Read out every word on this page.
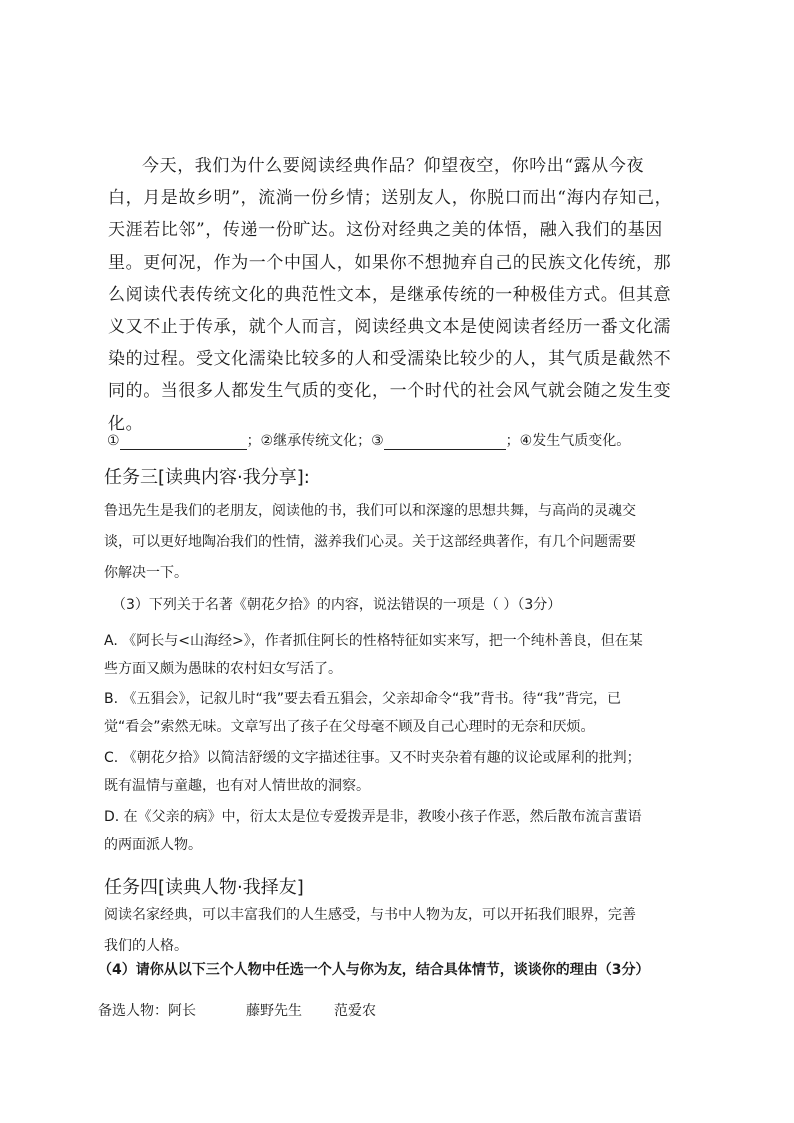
今天，我们为什么要阅读经典作品？仰望夜空，你吟出“露从今夜白，月是故乡明”，流淌一份乡情；送别友人，你脱口而出“海内存知己，天涯若比邻”，传递一份旷达。这份对经典之美的体悟，融入我们的基因里。更何况，作为一个中国人，如果你不想抛弃自己的民族文化传统，那么阅读代表传统文化的典范性文本，是继承传统的一种极佳方式。但其意义又不止于传承，就个人而言，阅读经典文本是使阅读者经历一番文化濡染的过程。受文化濡染比较多的人和受濡染比较少的人，其气质是截然不同的。当很多人都发生气质的变化，一个时代的社会风气就会随之发生变化。

①	；②继承传统文化；③	；④发生气质变化。
任务三[读典内容·我分享]:

鲁迅先生是我们的老朋友，阅读他的书，我们可以和深邃的思想共舞，与高尚的灵魂交谈，可以更好地陶冶我们的性情，滋养我们心灵。关于这部经典著作，有几个问题需要你解决一下。

（3）下列关于名著《朝花夕拾》的内容，说法错误的一项是（ ）（3分）

A. 《阿长与<山海经>》，作者抓住阿长的性格特征如实来写，把一个纯朴善良，但在某些方面又颇为愚昧的农村妇女写活了。

B. 《五猖会》，记叙儿时“我”要去看五猖会，父亲却命令“我”背书。待“我”背完，已觉“看会”索然无味。文章写出了孩子在父母毫不顾及自己心理时的无奈和厌烦。

C. 《朝花夕拾》以简洁舒缓的文字描述往事。又不时夹杂着有趣的议论或犀利的批判；既有温情与童趣，也有对人情世故的洞察。

D. 在《父亲的病》中，衍太太是位专爱拨弄是非，教唆小孩子作恶，然后散布流言蜚语的两面派人物。

任务四[读典人物·我择友]

阅读名家经典，可以丰富我们的人生感受，与书中人物为友，可以开拓我们眼界，完善我们的人格。

（4）请你从以下三个人物中任选一个人与你为友，结合具体情节，谈谈你的理由（3分）

备选人物：阿长	藤野先生 范爱农
